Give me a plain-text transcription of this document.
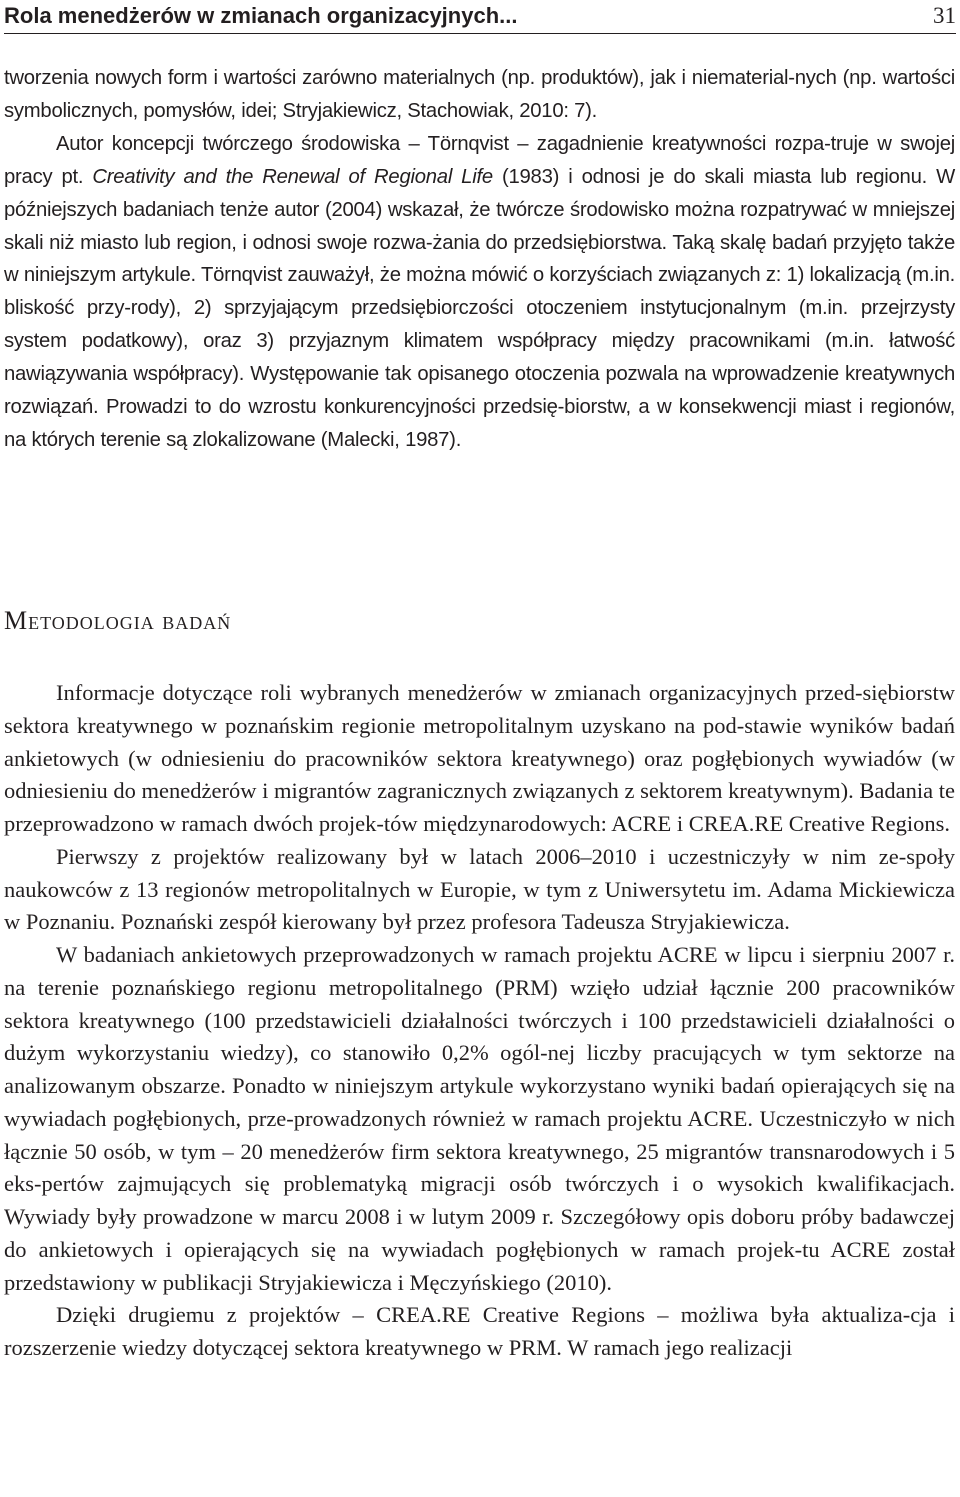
Rola menedżerów w zmianach organizacyjnych...	31

tworzenia nowych form i wartości zarówno materialnych (np. produktów), jak i niematerial-nych (np. wartości symbolicznych, pomysłów, idei; Stryjakiewicz, Stachowiak, 2010: 7).

Autor koncepcji twórczego środowiska – Törnqvist – zagadnienie kreatywności rozpa-truje w swojej pracy pt. Creativity and the Renewal of Regional Life (1983) i odnosi je do skali miasta lub regionu. W późniejszych badaniach tenże autor (2004) wskazał, że twórcze środowisko można rozpatrywać w mniejszej skali niż miasto lub region, i odnosi swoje rozwa-żania do przedsiębiorstwa. Taką skalę badań przyjęto także w niniejszym artykule. Törnqvist zauważył, że można mówić o korzyściach związanych z: 1) lokalizacją (m.in. bliskość przy-rody), 2) sprzyjającym przedsiębiorczości otoczeniem instytucjonalnym (m.in. przejrzysty system podatkowy), oraz 3) przyjaznym klimatem współpracy między pracownikami (m.in. łatwość nawiązywania współpracy). Występowanie tak opisanego otoczenia pozwala na wprowadzenie kreatywnych rozwiązań. Prowadzi to do wzrostu konkurencyjności przedsię-biorstw, a w konsekwencji miast i regionów, na których terenie są zlokalizowane (Malecki, 1987).

Metodologia badań

Informacje dotyczące roli wybranych menedżerów w zmianach organizacyjnych przed-siębiorstw sektora kreatywnego w poznańskim regionie metropolitalnym uzyskano na pod-stawie wyników badań ankietowych (w odniesieniu do pracowników sektora kreatywnego) oraz pogłębionych wywiadów (w odniesieniu do menedżerów i migrantów zagranicznych związanych z sektorem kreatywnym). Badania te przeprowadzono w ramach dwóch projek-tów międzynarodowych: ACRE i CREA.RE Creative Regions.

Pierwszy z projektów realizowany był w latach 2006–2010 i uczestniczyły w nim ze-społy naukowców z 13 regionów metropolitalnych w Europie, w tym z Uniwersytetu im. Adama Mickiewicza w Poznaniu. Poznański zespół kierowany był przez profesora Tadeusza Stryjakiewicza.

W badaniach ankietowych przeprowadzonych w ramach projektu ACRE w lipcu i sierpniu 2007 r. na terenie poznańskiego regionu metropolitalnego (PRM) wzięło udział łącznie 200 pracowników sektora kreatywnego (100 przedstawicieli działalności twórczych i 100 przedstawicieli działalności o dużym wykorzystaniu wiedzy), co stanowiło 0,2% ogól-nej liczby pracujących w tym sektorze na analizowanym obszarze. Ponadto w niniejszym artykule wykorzystano wyniki badań opierających się na wywiadach pogłębionych, prze-prowadzonych również w ramach projektu ACRE. Uczestniczyło w nich łącznie 50 osób, w tym – 20 menedżerów firm sektora kreatywnego, 25 migrantów transnarodowych i 5 eks-pertów zajmujących się problematyką migracji osób twórczych i o wysokich kwalifikacjach. Wywiady były prowadzone w marcu 2008 i w lutym 2009 r. Szczegółowy opis doboru próby badawczej do ankietowych i opierających się na wywiadach pogłębionych w ramach projek-tu ACRE został przedstawiony w publikacji Stryjakiewicza i Męczyńskiego (2010).

Dzięki drugiemu z projektów – CREA.RE Creative Regions – możliwa była aktualiza-cja i rozszerzenie wiedzy dotyczącej sektora kreatywnego w PRM. W ramach jego realizacji
